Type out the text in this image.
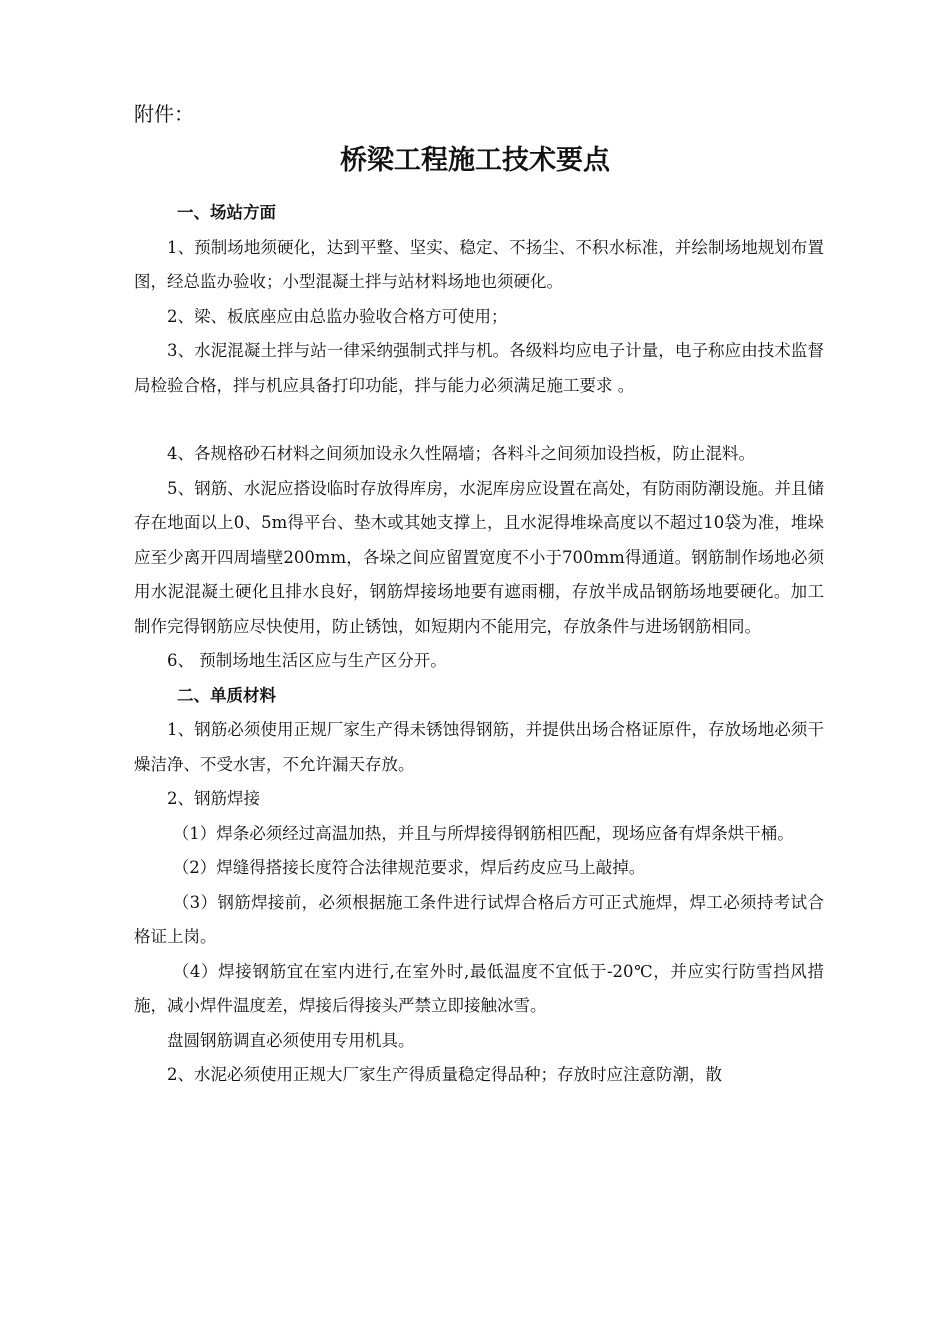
附件：
桥梁工程施工技术要点
一、场站方面
1、预制场地须硬化，达到平整、坚实、稳定、不扬尘、不积水标准，并绘制场地规划布置图，经总监办验收；小型混凝土拌与站材料场地也须硬化。
2、梁、板底座应由总监办验收合格方可使用；
3、水泥混凝土拌与站一律采纳强制式拌与机。各级料均应电子计量，电子称应由技术监督局检验合格，拌与机应具备打印功能，拌与能力必须满足施工要求 。
4、各规格砂石材料之间须加设永久性隔墙；各料斗之间须加设挡板，防止混料。
5、钢筋、水泥应搭设临时存放得库房，水泥库房应设置在高处，有防雨防潮设施。并且储存在地面以上0、5m得平台、垫木或其她支撑上，且水泥得堆垛高度以不超过10袋为准，堆垛应至少离开四周墙壁200mm，各垛之间应留置宽度不小于700mm得通道。钢筋制作场地必须用水泥混凝土硬化且排水良好，钢筋焊接场地要有遮雨棚，存放半成品钢筋场地要硬化。加工制作完得钢筋应尽快使用，防止锈蚀，如短期内不能用完，存放条件与进场钢筋相同。
6、 预制场地生活区应与生产区分开。
二、单质材料
1、钢筋必须使用正规厂家生产得未锈蚀得钢筋，并提供出场合格证原件，存放场地必须干燥洁净、不受水害，不允许漏天存放。
2、钢筋焊接
（1）焊条必须经过高温加热，并且与所焊接得钢筋相匹配，现场应备有焊条烘干桶。
（2）焊缝得搭接长度符合法律规范要求，焊后药皮应马上敲掉。
（3）钢筋焊接前，必须根据施工条件进行试焊合格后方可正式施焊，焊工必须持考试合格证上岗。
（4）焊接钢筋宜在室内进行,在室外时,最低温度不宜低于-20℃，并应实行防雪挡风措施，减小焊件温度差，焊接后得接头严禁立即接触冰雪。
盘圆钢筋调直必须使用专用机具。
2、水泥必须使用正规大厂家生产得质量稳定得品种；存放时应注意防潮，散
